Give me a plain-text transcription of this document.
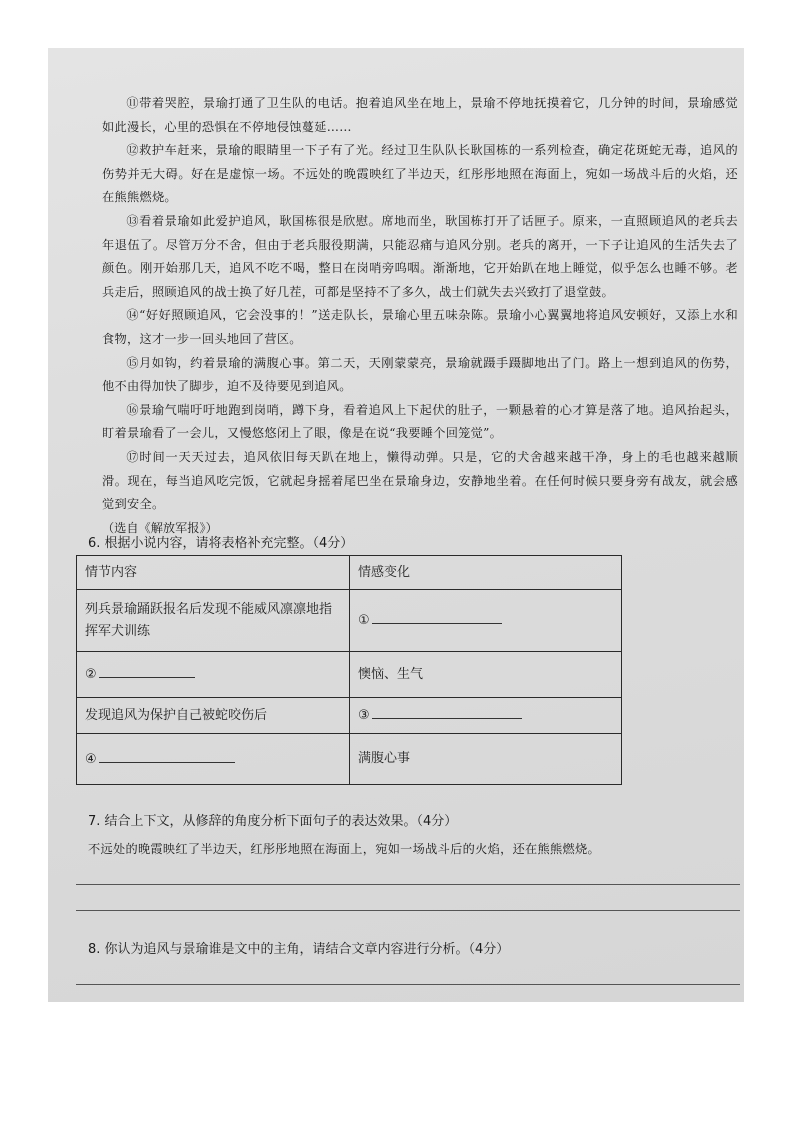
⑪带着哭腔，景瑜打通了卫生队的电话。抱着追风坐在地上，景瑜不停地抚摸着它，几分钟的时间，景瑜感觉如此漫长，心里的恐惧在不停地侵蚀蔓延……

⑫救护车赶来，景瑜的眼睛里一下子有了光。经过卫生队队长耿国栋的一系列检查，确定花斑蛇无毒，追风的伤势并无大碍。好在是虚惊一场。不远处的晚霞映红了半边天，红彤彤地照在海面上，宛如一场战斗后的火焰，还在熊熊燃烧。

⑬看着景瑜如此爱护追风，耿国栋很是欣慰。席地而坐，耿国栋打开了话匣子。原来，一直照顾追风的老兵去年退伍了。尽管万分不舍，但由于老兵服役期满，只能忍痛与追风分别。老兵的离开，一下子让追风的生活失去了颜色。刚开始那几天，追风不吃不喝，整日在岗哨旁呜咽。渐渐地，它开始趴在地上睡觉，似乎怎么也睡不够。老兵走后，照顾追风的战士换了好几茬，可都是坚持不了多久，战士们就失去兴致打了退堂鼓。

⑭“好好照顾追风，它会没事的！”送走队长，景瑜心里五味杂陈。景瑜小心翼翼地将追风安顿好，又添上水和食物，这才一步一回头地回了营区。

⑮月如钩，约着景瑜的满腹心事。第二天，天刚蒙蒙亮，景瑜就蹑手蹑脚地出了门。路上一想到追风的伤势，他不由得加快了脚步，迫不及待要见到追风。

⑯景瑜气喘吁吁地跑到岗哨，蹲下身，看着追风上下起伏的肚子，一颗悬着的心才算是落了地。追风抬起头，盯着景瑜看了一会儿，又慢悠悠闭上了眼，像是在说“我要睡个回笼觉”。

⑰时间一天天过去，追风依旧每天趴在地上，懒得动弹。只是，它的犬舍越来越干净，身上的毛也越来越顺滑。现在，每当追风吃完饭，它就起身摇着尾巴坐在景瑜身边，安静地坐着。在任何时候只要身旁有战友，就会感觉到安全。

（选自《解放军报》）

6. 根据小说内容，请将表格补充完整。（4分）
情节内容	情感变化
列兵景瑜踊跃报名后发现不能威风凛凛地指挥军犬训练	①
②	懊恼、生气
发现追风为保护自己被蛇咬伤后	③
④	满腹心事
7. 结合上下文，从修辞的角度分析下面句子的表达效果。（4分）
不远处的晚霞映红了半边天，红彤彤地照在海面上，宛如一场战斗后的火焰，还在熊熊燃烧。
8. 你认为追风与景瑜谁是文中的主角，请结合文章内容进行分析。（4分）
